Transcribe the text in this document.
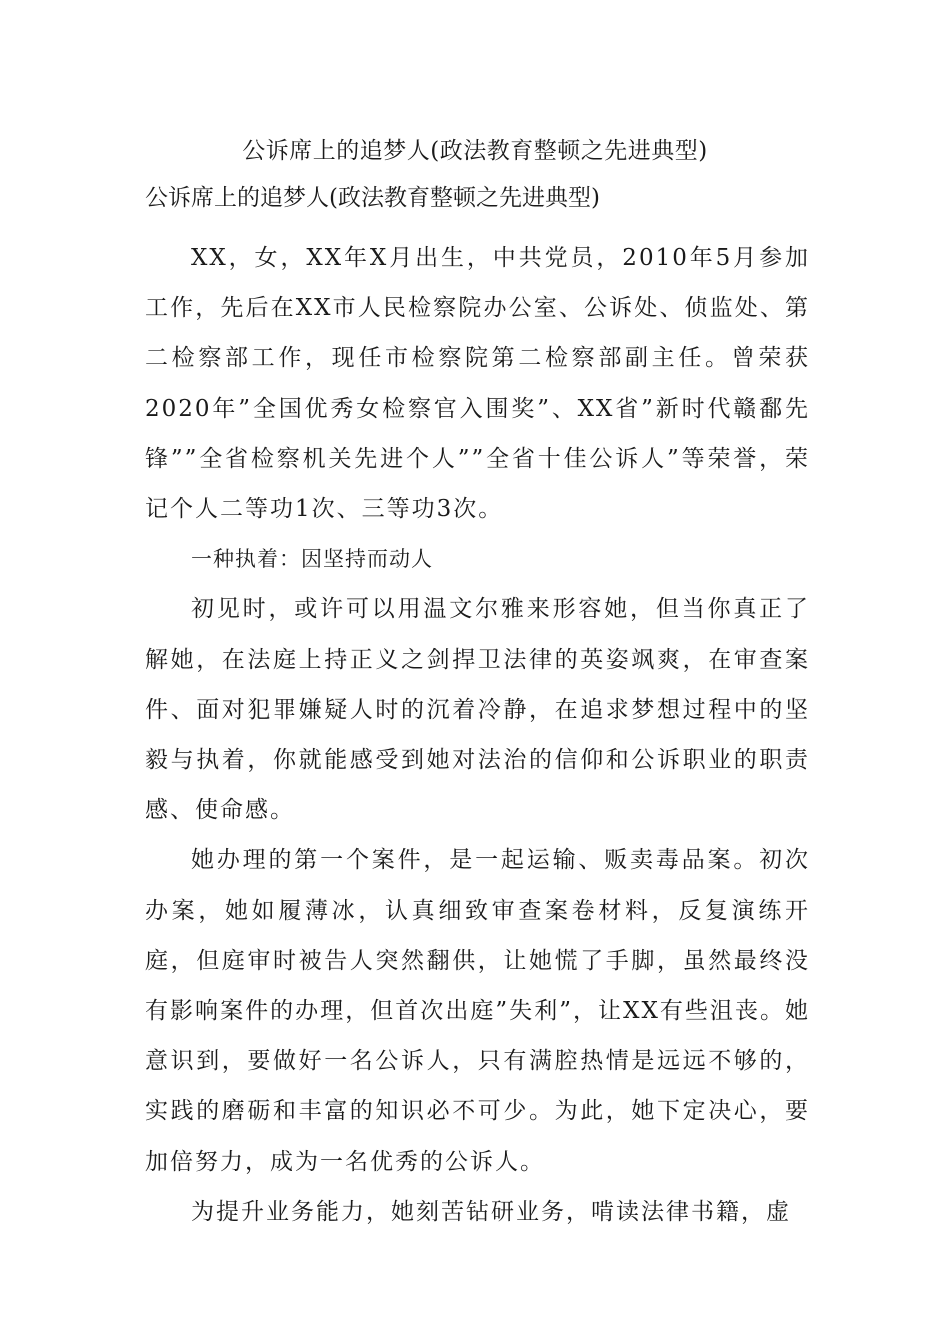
公诉席上的追梦人(政法教育整顿之先进典型)
公诉席上的追梦人(政法教育整顿之先进典型)

XX，女，XX年X月出生，中共党员，2010年5月参加工作，先后在XX市人民检察院办公室、公诉处、侦监处、第二检察部工作，现任市检察院第二检察部副主任。曾荣获2020年”全国优秀女检察官入围奖”、XX省”新时代赣鄱先锋””全省检察机关先进个人””全省十佳公诉人”等荣誉，荣记个人二等功1次、三等功3次。

一种执着：因坚持而动人

初见时，或许可以用温文尔雅来形容她，但当你真正了解她，在法庭上持正义之剑捍卫法律的英姿飒爽，在审查案件、面对犯罪嫌疑人时的沉着冷静，在追求梦想过程中的坚毅与执着，你就能感受到她对法治的信仰和公诉职业的职责感、使命感。

她办理的第一个案件，是一起运输、贩卖毒品案。初次办案，她如履薄冰，认真细致审查案卷材料，反复演练开庭，但庭审时被告人突然翻供，让她慌了手脚，虽然最终没有影响案件的办理，但首次出庭”失利”，让XX有些沮丧。她意识到，要做好一名公诉人，只有满腔热情是远远不够的，实践的磨砺和丰富的知识必不可少。为此，她下定决心，要加倍努力，成为一名优秀的公诉人。

为提升业务能力，她刻苦钻研业务，啃读法律书籍，虚
